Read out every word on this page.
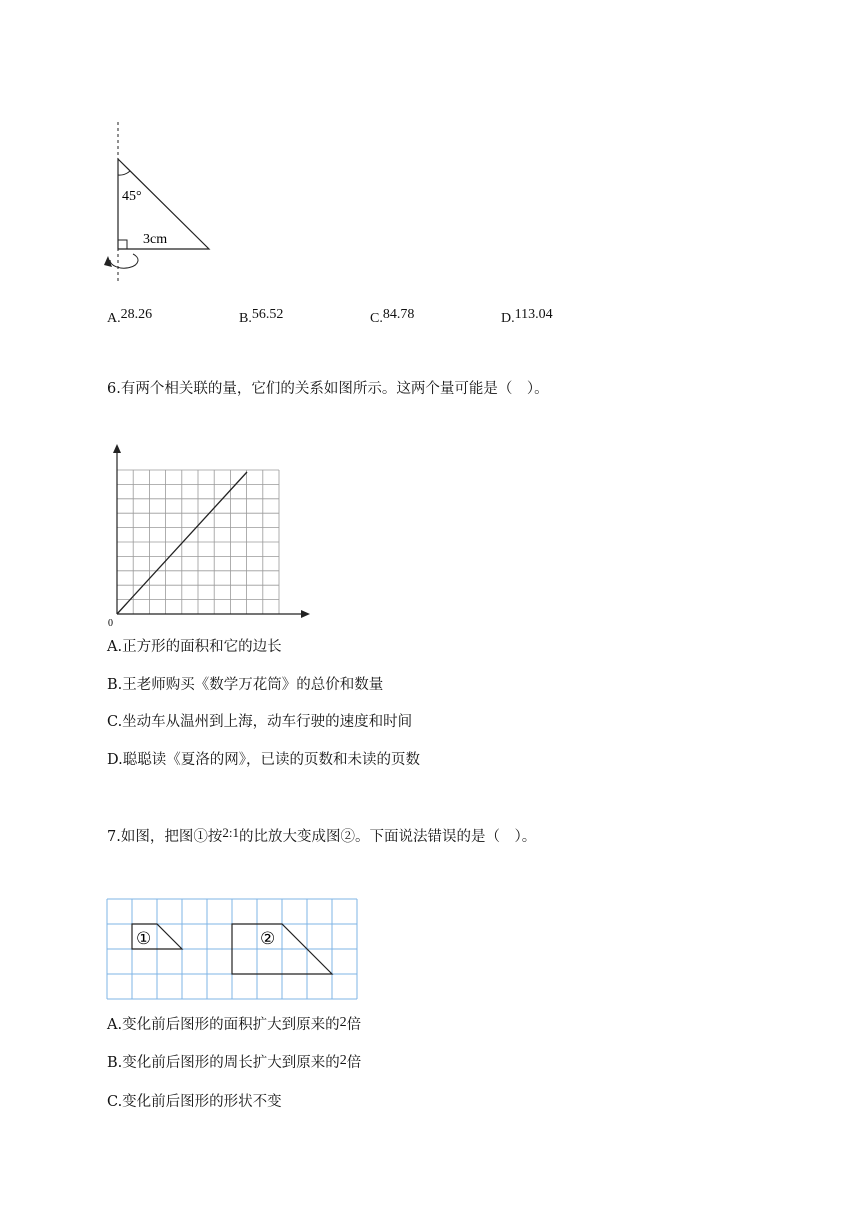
45°
3cm
A.28.26	B.56.52	C.84.78	D.113.04
6.有两个相关联的量，它们的关系如图所示。这两个量可能是（　）。
0
A.正方形的面积和它的边长
B.王老师购买《数学万花筒》的总价和数量
C.坐动车从温州到上海，动车行驶的速度和时间
D.聪聪读《夏洛的网》，已读的页数和未读的页数
7.如图，把图①按2:1的比放大变成图②。下面说法错误的是（　）。
①	②
A.变化前后图形的面积扩大到原来的2倍
B.变化前后图形的周长扩大到原来的2倍
C.变化前后图形的形状不变
